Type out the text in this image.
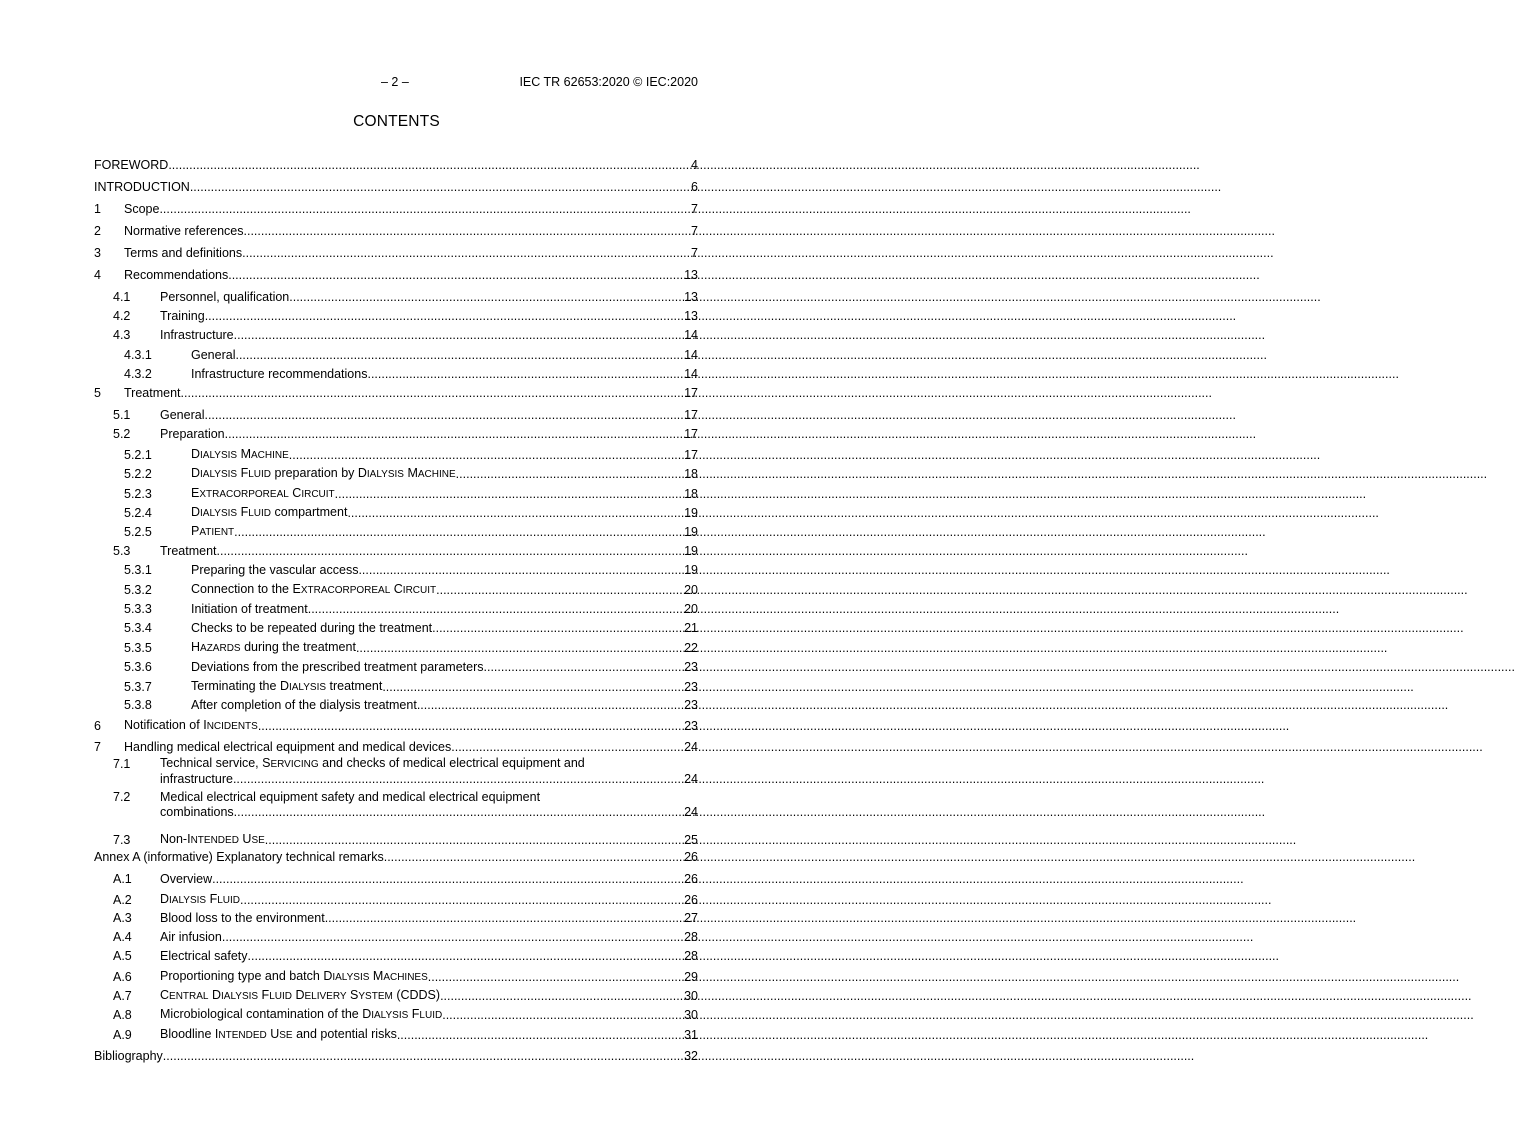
– 2 –	IEC TR 62653:2020 © IEC:2020
CONTENTS
FOREWORD .....	4
INTRODUCTION .....	6
1	Scope .....	7
2	Normative references .....	7
3	Terms and definitions .....	7
4	Recommendations .....	13
4.1	Personnel, qualification .....	13
4.2	Training .....	13
4.3	Infrastructure .....	14
4.3.1	General .....	14
4.3.2	Infrastructure recommendations .....	14
5	Treatment .....	17
5.1	General .....	17
5.2	Preparation .....	17
5.2.1	DIALYSIS MACHINE .....	17
5.2.2	DIALYSIS FLUID preparation by DIALYSIS MACHINE .....	18
5.2.3	EXTRACORPOREAL CIRCUIT .....	18
5.2.4	DIALYSIS FLUID compartment .....	19
5.2.5	PATIENT .....	19
5.3	Treatment .....	19
5.3.1	Preparing the vascular access .....	19
5.3.2	Connection to the EXTRACORPOREAL CIRCUIT .....	20
5.3.3	Initiation of treatment .....	20
5.3.4	Checks to be repeated during the treatment .....	21
5.3.5	HAZARDS during the treatment .....	22
5.3.6	Deviations from the prescribed treatment parameters .....	23
5.3.7	Terminating the DIALYSIS treatment .....	23
5.3.8	After completion of the dialysis treatment .....	23
6	Notification of INCIDENTS .....	23
7	Handling medical electrical equipment and medical devices .....	24
7.1	Technical service, SERVICING and checks of medical electrical equipment and
infrastructure .....	24
7.2	Medical electrical equipment safety and medical electrical equipment
combinations .....	24
7.3	Non-INTENDED USE .....	25
Annex A (informative) Explanatory technical remarks .....	26
A.1	Overview .....	26
A.2	DIALYSIS FLUID .....	26
A.3	Blood loss to the environment .....	27
A.4	Air infusion .....	28
A.5	Electrical safety .....	28
A.6	Proportioning type and batch DIALYSIS MACHINES .....	29
A.7	CENTRAL DIALYSIS FLUID DELIVERY SYSTEM (CDDS) .....	30
A.8	Microbiological contamination of the DIALYSIS FLUID .....	30
A.9	Bloodline INTENDED USE and potential risks .....	31
Bibliography .....	32
